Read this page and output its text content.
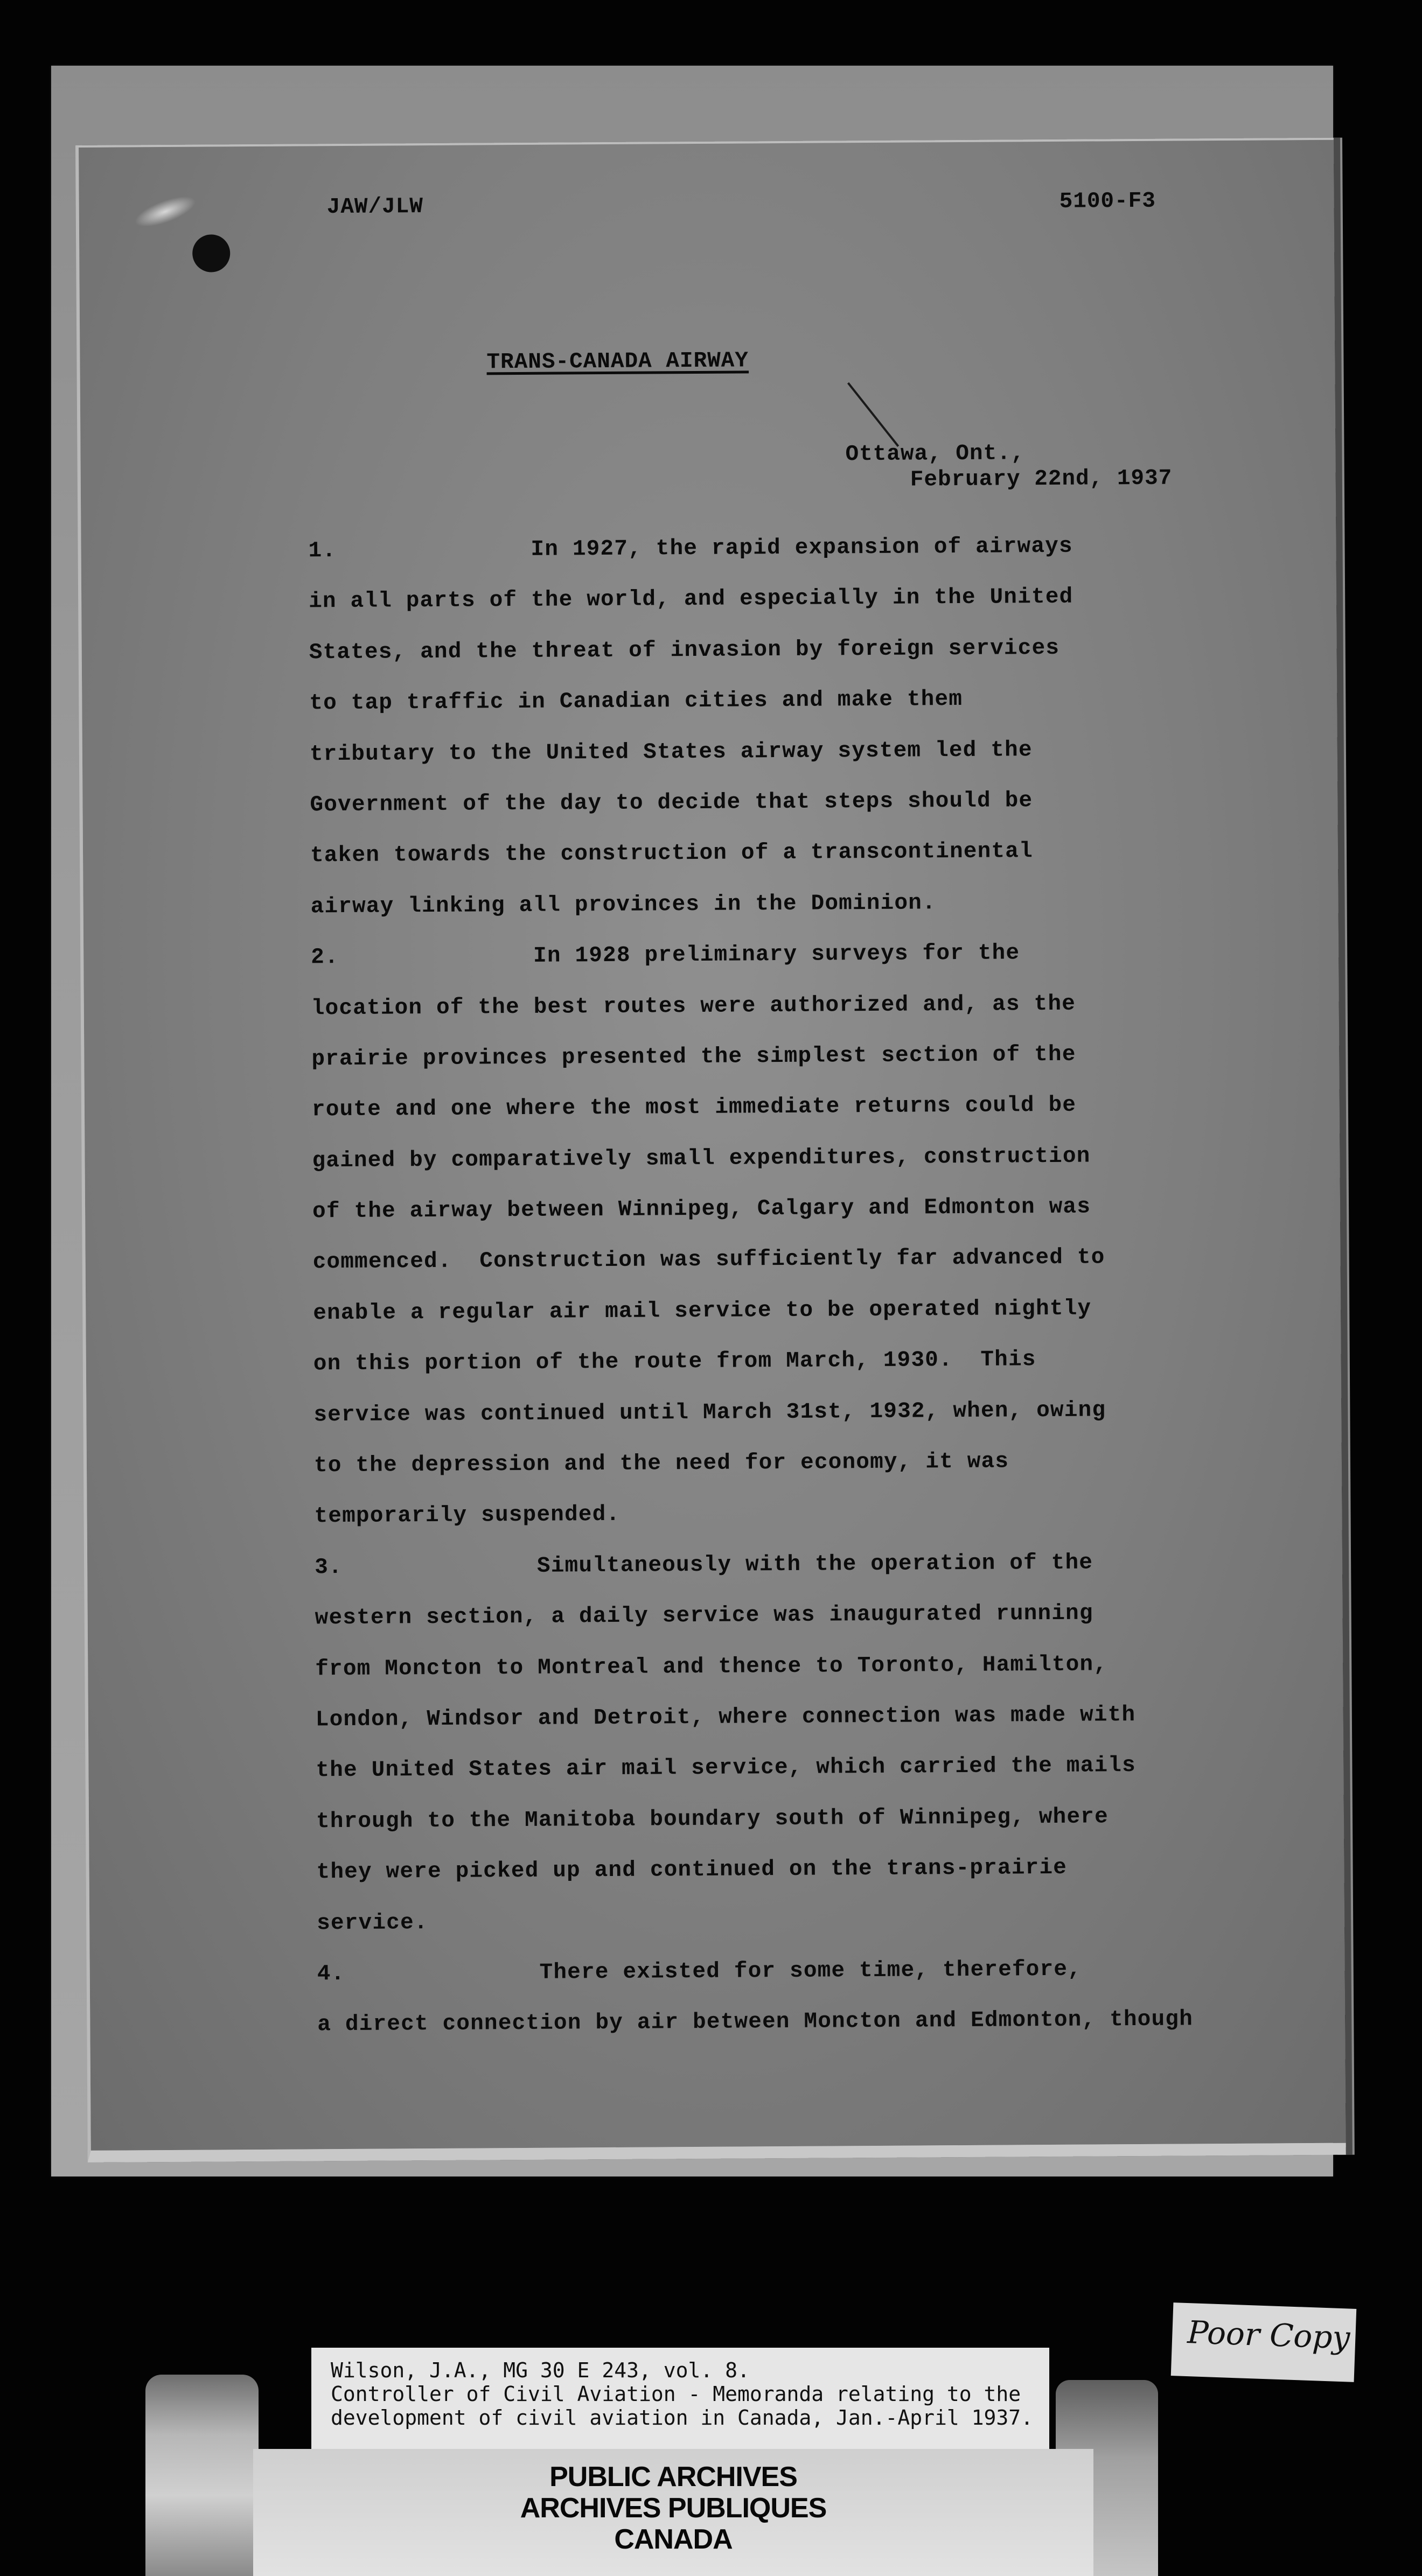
JAW/JLW	5100-F3

TRANS-CANADA AIRWAY

Ottawa, Ont.,

February 22nd, 1937

1.              In 1927, the rapid expansion of airways
in all parts of the world, and especially in the United
States, and the threat of invasion by foreign services
to tap traffic in Canadian cities and make them
tributary to the United States airway system led the
Government of the day to decide that steps should be
taken towards the construction of a transcontinental
airway linking all provinces in the Dominion.
2.              In 1928 preliminary surveys for the
location of the best routes were authorized and, as the
prairie provinces presented the simplest section of the
route and one where the most immediate returns could be
gained by comparatively small expenditures, construction
of the airway between Winnipeg, Calgary and Edmonton was
commenced.  Construction was sufficiently far advanced to
enable a regular air mail service to be operated nightly
on this portion of the route from March, 1930.  This
service was continued until March 31st, 1932, when, owing
to the depression and the need for economy, it was
temporarily suspended.
3.              Simultaneously with the operation of the
western section, a daily service was inaugurated running
from Moncton to Montreal and thence to Toronto, Hamilton,
London, Windsor and Detroit, where connection was made with
the United States air mail service, which carried the mails
through to the Manitoba boundary south of Winnipeg, where
they were picked up and continued on the trans-prairie
service.
4.              There existed for some time, therefore,
a direct connection by air between Moncton and Edmonton, though
Poor Copy
Wilson, J.A., MG 30 E 243, vol. 8.
Controller of Civil Aviation - Memoranda relating to the
development of civil aviation in Canada, Jan.-April 1937.
PUBLIC ARCHIVES
ARCHIVES PUBLIQUES
CANADA
